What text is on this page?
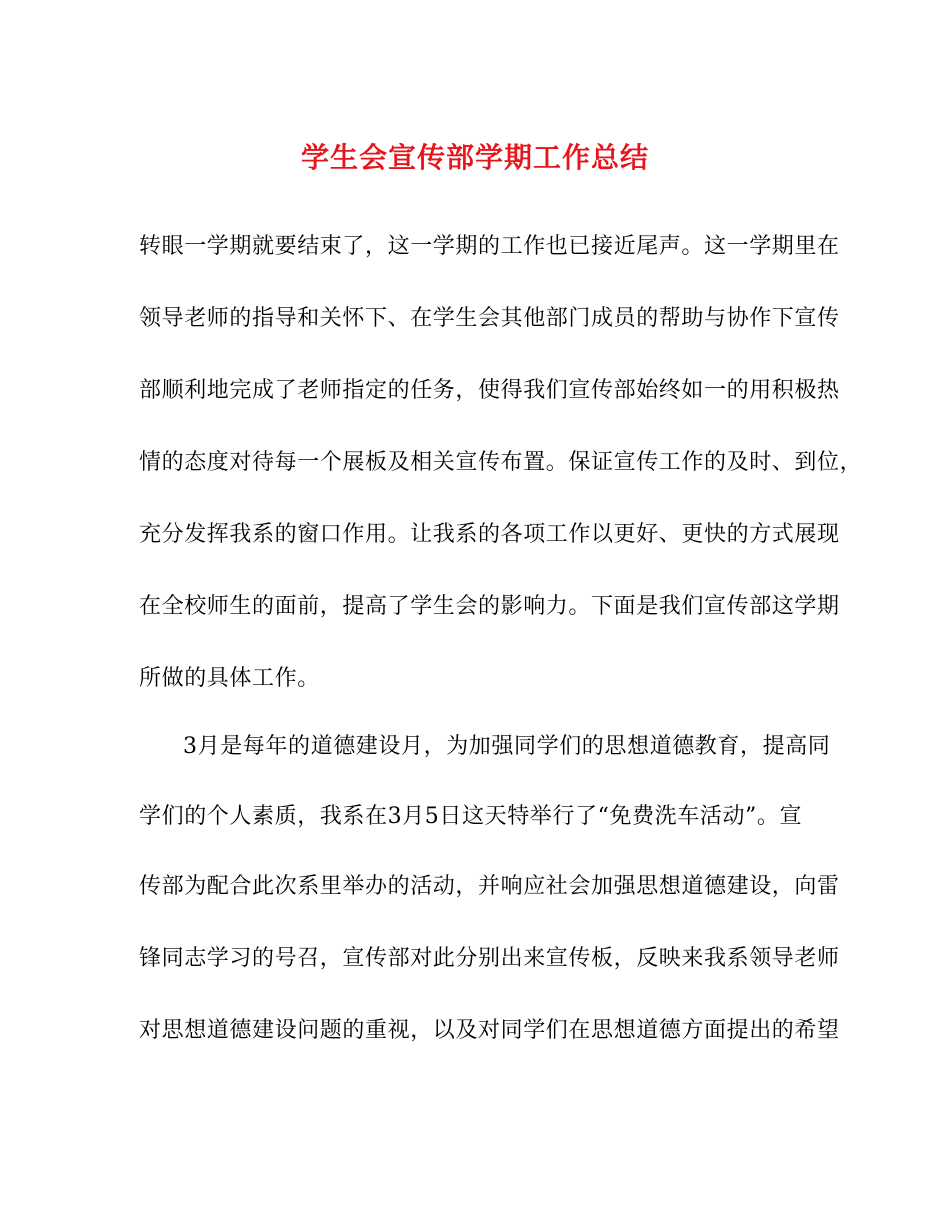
学生会宣传部学期工作总结
转眼一学期就要结束了，这一学期的工作也已接近尾声。这一学期里在
领导老师的指导和关怀下、在学生会其他部门成员的帮助与协作下宣传
部顺利地完成了老师指定的任务，使得我们宣传部始终如一的用积极热
情的态度对待每一个展板及相关宣传布置。保证宣传工作的及时、到位，
充分发挥我系的窗口作用。让我系的各项工作以更好、更快的方式展现
在全校师生的面前，提高了学生会的影响力。下面是我们宣传部这学期
所做的具体工作。
3月是每年的道德建设月，为加强同学们的思想道德教育，提高同
学们的个人素质，我系在3月5日这天特举行了“免费洗车活动”。宣
传部为配合此次系里举办的活动，并响应社会加强思想道德建设，向雷
锋同志学习的号召，宣传部对此分别出来宣传板，反映来我系领导老师
对思想道德建设问题的重视，以及对同学们在思想道德方面提出的希望
